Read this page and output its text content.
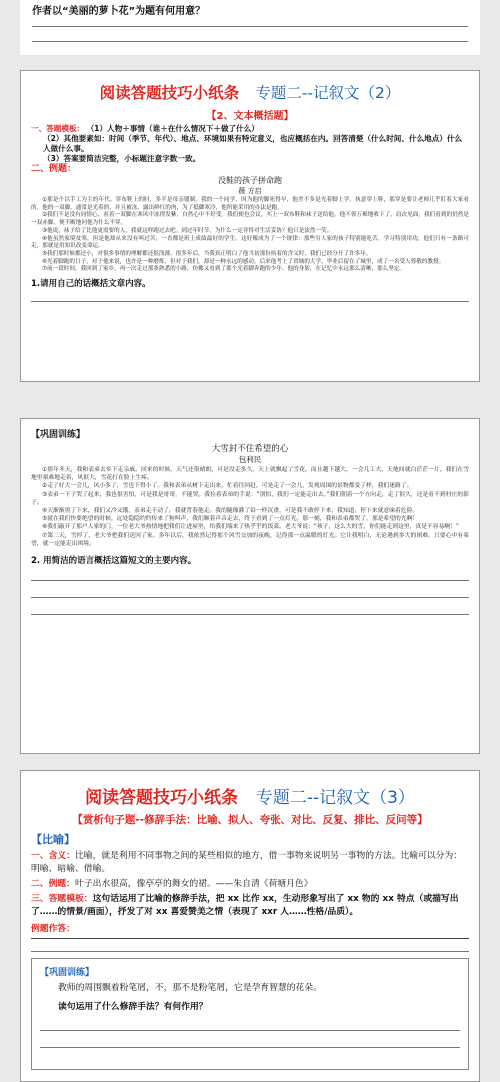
作者以“美丽的萝卜花”为题有何用意？
阅读答题技巧小纸条 专题二--记叙文（2）
【2、文本概括题】
一、答题模板： （1）人物＋事情（谁＋在什么情况下＋做了什么）
（2）其他要素如：时间（季节、年代）、地点、环境如果有特定意义，也应概括在内。回答清楚（什么时间、什么地点）什么人做什么事。
（3）答案要简洁完整，小标题注意字数一致。
二、例题：
没鞋的孩子拼命跑
薇 方启
①那是个以手工为主的年代。穿布鞋上的时，多半是母亲缝制。我的一个同学，因为他的脚死得早，他差不多是光着脚上学。执意穿上鞋，那穿是要让老师几乎盯着大家看的。他的一双脚，通常是光着的，并且被冻，露出鲜红的肉，为了抵御寒冷，他所能采用的办法是跑。
②我们不是没有同情心，看着一双脚在寒风中冻得发紫，自然心中不好受。我们便也会议，买上一双布鞋和袜子送给他。他不领万难地收下了，肩次见面，我们看到的仍然是一双赤脚，便不断地问他为什么不穿。
③他说，袜子给了比他更需要的人，我就这样跑过去吧。到过年时节，为什么一定非得对生活妥协？他只是淡然一笑。
④他虽然家境贫寒，但是他却从来没有叫过苦，一直都是班上成绩最好的学生。这好像成为了一个规律：那些穷人家的孩子特别能吃苦，学习特别用功，他们只有一条路可走，那就是用知识改变命运。
⑤我们那时候都还小，对很多事情的理解都还很浅薄。很多年后，当我真正明白了他当初那份执着的含义时，我们已经分开了许多年。
⑥光着脚跑的日子，对于他来说，也许是一种磨炼，但对于我们，却是一种永远的感动。后来他考上了省城的大学，毕业后留在了城里，成了一名受人尊敬的教授。
⑦前一段时间，我回到了家乡，再一次走过那条熟悉的小路，仿佛又看到了那个光着脚奔跑的少年。他的身影，在记忆中永远那么清晰，那么坚定。
1.请用自己的话概括文章内容。
【巩固训练】
大雪封不住希望的心
包利民
①那年冬天，我和表弟去乡下走亲戚。回来的时候，天气还很晴朗，可是没走多久，天上就飘起了雪花，而且越下越大，一会儿工夫，天地间就白茫茫一片。我们在雪地里艰难地走着，风很大，雪花打在脸上生疼。
②走了好大一会儿，风小多了，雪也下得小了。我和表弟从树下走出来，忙着往回赶，可是走了一会儿，发现周围的景物都变了样，我们迷路了。
③表弟一下子哭了起来，我也很害怕，可是我是哥哥，不能哭。我拉着表弟的手说：“别怕，我们一定能走出去。”我们朝着一个方向走，走了很久，还是看不到村庄的影子。
④天渐渐黑了下来，我们又冷又饿，表弟走不动了，我就背着他走。我的腿像灌了铅一样沉重，可是我不敢停下来，我知道，停下来就意味着危险。
⑤就在我们快要绝望的时候，远处隐隐约约传来了狗叫声，我们顺着声音走去，终于看到了一点灯光。那一刻，我和表弟都哭了，那是希望的光啊！
⑥我们敲开了那户人家的门，一位老大爷热情地把我们让进屋里，给我们端来了热乎乎的饭菜。老大爷说：“孩子，这么大的雪，你们能走到这里，真是不容易啊！”
⑦第二天，雪停了，老大爷把我们送回了家。多年以后，我依然记得那个风雪交加的夜晚，记得那一点温暖的灯光。它让我明白，无论遇到多大的困难，只要心中有希望，就一定能走出困境。
2. 用简洁的语言概括这篇短文的主要内容。
阅读答题技巧小纸条 专题二--记叙文（3）
【赏析句子题--修辞手法：比喻、拟人、夸张、对比、反复、排比、反问等】
【比喻】
一、含义：比喻，就是利用不同事物之间的某些相似的地方，借一事物来说明另一事物的方法。比喻可以分为：明喻、暗喻、借喻。
二、例题：叶子出水很高，像亭亭的舞女的裙。——朱自清《荷塘月色》
三、答题模板：这句话运用了比喻的修辞手法，把 xx 比作 xx，生动形象写出了 xx 物的 xx 特点（或描写出了……的情景/画面），抒发了对 xx 喜爱赞美之情（表现了 xxr 人……性格/品质）。
例题作答：
【巩固训练】
教师的周围飘着粉笔屑，不，那不是粉笔屑，它是孕育智慧的花朵。
读句运用了什么修辞手法？有何作用？
